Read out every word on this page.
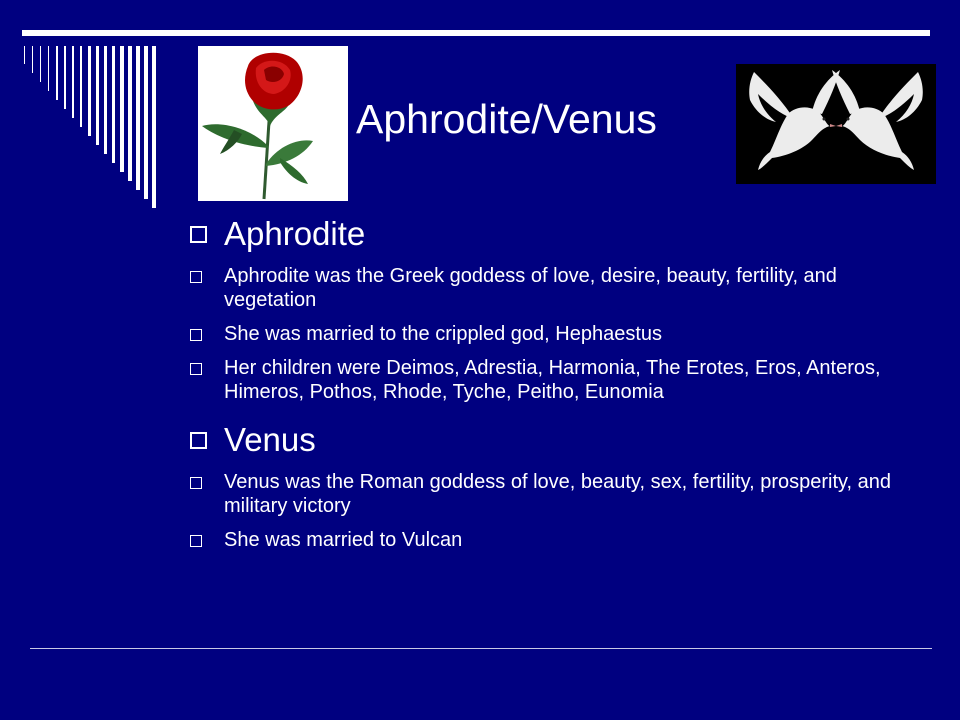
Aphrodite/Venus
Aphrodite
Aphrodite was the Greek goddess of love, desire, beauty, fertility, and vegetation
She was married to the crippled god, Hephaestus
Her children were Deimos, Adrestia, Harmonia, The Erotes, Eros, Anteros, Himeros, Pothos, Rhode, Tyche, Peitho, Eunomia
Venus
Venus was the Roman goddess of love, beauty, sex, fertility, prosperity, and military victory
She was married to Vulcan
